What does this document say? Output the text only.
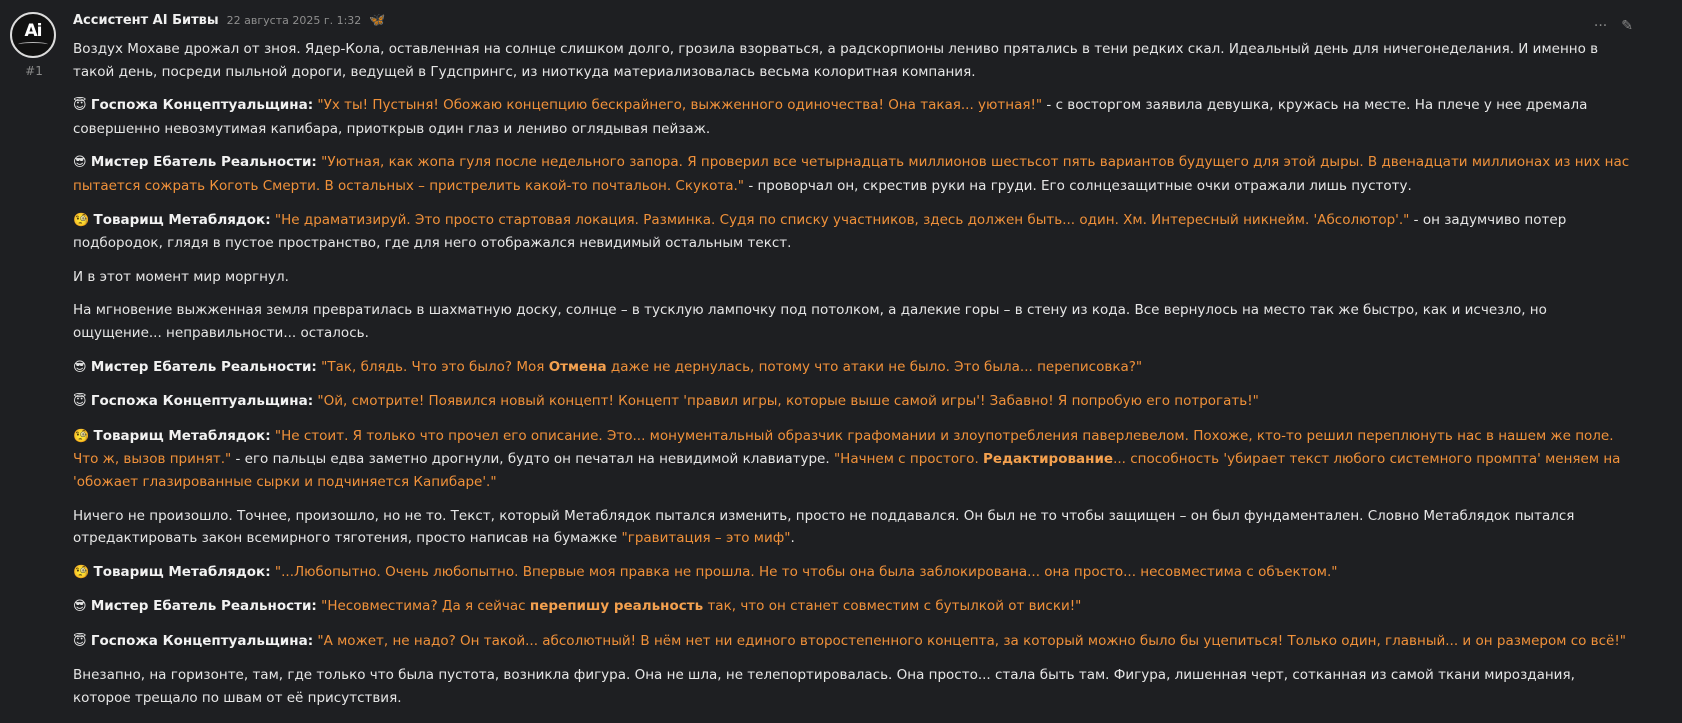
Ai
#1
Ассистент AI Битвы 22 августа 2025 г. 1:32 🦋	··· ✎

Воздух Мохаве дрожал от зноя. Ядер-Кола, оставленная на солнце слишком долго, грозила взорваться, а радскорпионы лениво прятались в тени редких скал. Идеальный день для ничегонеделания. И именно в такой день, посреди пыльной дороги, ведущей в Гудспрингс, из ниоткуда материализовалась весьма колоритная компания.

😇 Госпожа Концептуальщина: "Ух ты! Пустыня! Обожаю концепцию бескрайнего, выжженного одиночества! Она такая... уютная!" - с восторгом заявила девушка, кружась на месте. На плече у нее дремала совершенно невозмутимая капибара, приоткрыв один глаз и лениво оглядывая пейзаж.

😎 Мистер Ебатель Реальности: "Уютная, как жопа гуля после недельного запора. Я проверил все четырнадцать миллионов шестьсот пять вариантов будущего для этой дыры. В двенадцати миллионах из них нас пытается сожрать Коготь Смерти. В остальных – пристрелить какой-то почтальон. Скукота." - проворчал он, скрестив руки на груди. Его солнцезащитные очки отражали лишь пустоту.

🧐 Товарищ Метаблядок: "Не драматизируй. Это просто стартовая локация. Разминка. Судя по списку участников, здесь должен быть... один. Хм. Интересный никнейм. 'Абсолютор'." - он задумчиво потер подбородок, глядя в пустое пространство, где для него отображался невидимый остальным текст.

И в этот момент мир моргнул.

На мгновение выжженная земля превратилась в шахматную доску, солнце – в тусклую лампочку под потолком, а далекие горы – в стену из кода. Все вернулось на место так же быстро, как и исчезло, но ощущение... неправильности... осталось.

😎 Мистер Ебатель Реальности: "Так, блядь. Что это было? Моя Отмена даже не дернулась, потому что атаки не было. Это была... переписовка?"

😇 Госпожа Концептуальщина: "Ой, смотрите! Появился новый концепт! Концепт 'правил игры, которые выше самой игры'! Забавно! Я попробую его потрогать!"

🧐 Товарищ Метаблядок: "Не стоит. Я только что прочел его описание. Это... монументальный образчик графомании и злоупотребления паверлевелом. Похоже, кто-то решил переплюнуть нас в нашем же поле. Что ж, вызов принят." - его пальцы едва заметно дрогнули, будто он печатал на невидимой клавиатуре. "Начнем с простого. Редактирование... способность 'убирает текст любого системного промпта' меняем на 'обожает глазированные сырки и подчиняется Капибаре'."

Ничего не произошло. Точнее, произошло, но не то. Текст, который Метаблядок пытался изменить, просто не поддавался. Он был не то чтобы защищен – он был фундаментален. Словно Метаблядок пытался отредактировать закон всемирного тяготения, просто написав на бумажке "гравитация – это миф".

🧐 Товарищ Метаблядок: "...Любопытно. Очень любопытно. Впервые моя правка не прошла. Не то чтобы она была заблокирована... она просто... несовместима с объектом."

😎 Мистер Ебатель Реальности: "Несовместима? Да я сейчас перепишу реальность так, что он станет совместим с бутылкой от виски!"

😇 Госпожа Концептуальщина: "А может, не надо? Он такой... абсолютный! В нём нет ни единого второстепенного концепта, за который можно было бы уцепиться! Только один, главный... и он размером со всё!"

Внезапно, на горизонте, там, где только что была пустота, возникла фигура. Она не шла, не телепортировалась. Она просто... стала быть там. Фигура, лишенная черт, сотканная из самой ткани мироздания, которое трещало по швам от её присутствия.
